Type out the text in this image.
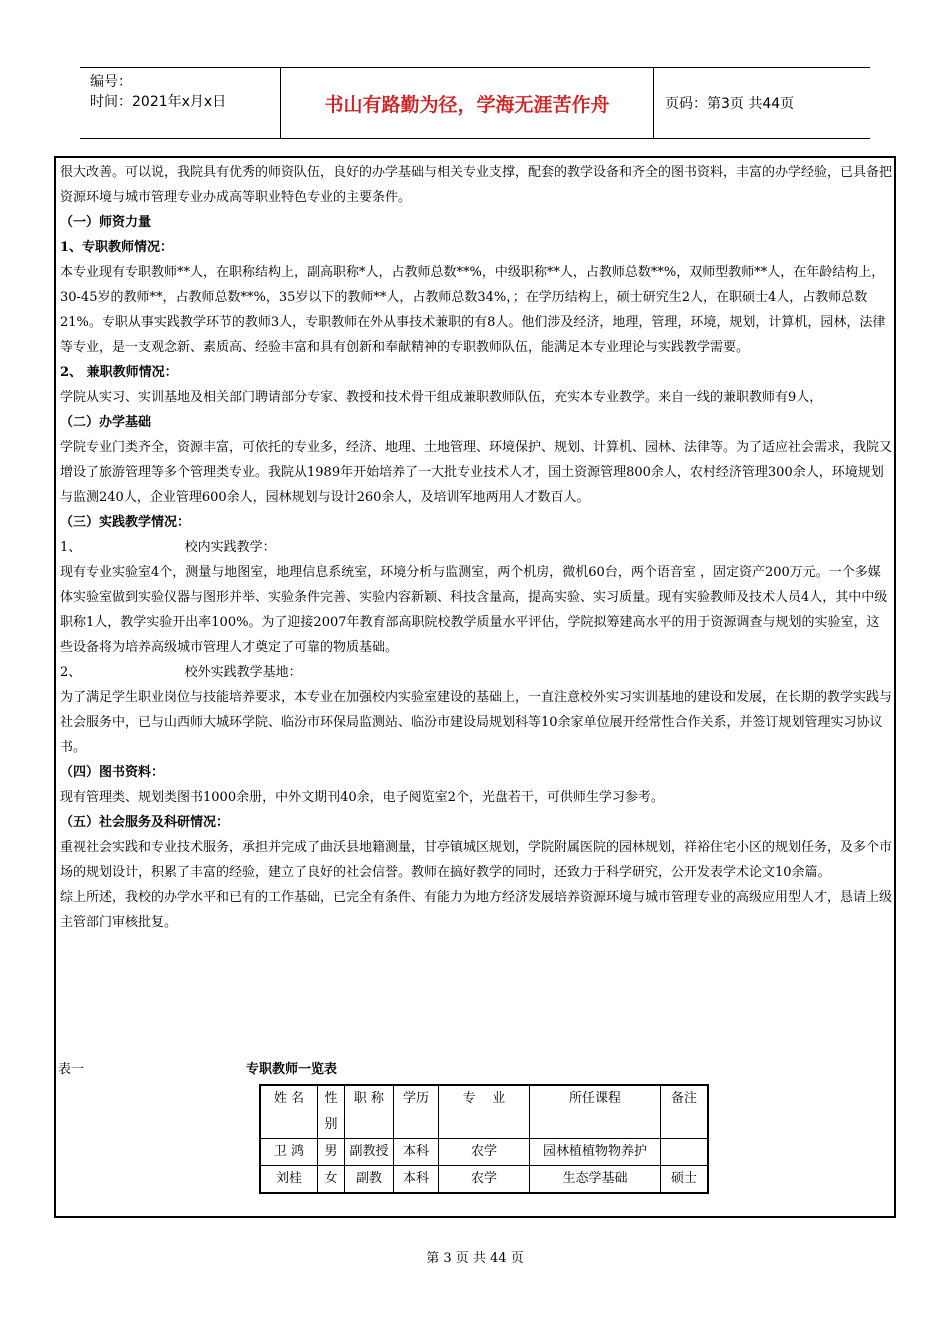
编号：
时间：2021年x月x日	书山有路勤为径，学海无涯苦作舟	页码：第3页 共44页

很大改善。可以说，我院具有优秀的师资队伍，良好的办学基础与相关专业支撑，配套的教学设备和齐全的图书资料，丰富的办学经验，已具备把资源环境与城市管理专业办成高等职业特色专业的主要条件。

（一）师资力量

1、专职教师情况：

本专业现有专职教师**人，在职称结构上，副高职称*人，占教师总数**%，中级职称**人，占教师总数**%，双师型教师**人，在年龄结构上，30-45岁的教师**，占教师总数**%，35岁以下的教师**人，占教师总数34%，；在学历结构上，硕士研究生2人，在职硕士4人，占教师总数21%。专职从事实践教学环节的教师3人，专职教师在外从事技术兼职的有8人。他们涉及经济，地理，管理，环境，规划，计算机，园林，法律等专业，是一支观念新、素质高、经验丰富和具有创新和奉献精神的专职教师队伍，能满足本专业理论与实践教学需要。

2、 兼职教师情况：

学院从实习、实训基地及相关部门聘请部分专家、教授和技术骨干组成兼职教师队伍，充实本专业教学。来自一线的兼职教师有9人，

（二）办学基础

学院专业门类齐全，资源丰富，可依托的专业多，经济、地理、土地管理、环境保护、规划、计算机、园林、法律等。为了适应社会需求，我院又增设了旅游管理等多个管理类专业。我院从1989年开始培养了一大批专业技术人才，国土资源管理800余人，农村经济管理300余人，环境规划与监测240人，企业管理600余人，园林规划与设计260余人，及培训军地两用人才数百人。

（三）实践教学情况：

1、                         校内实践教学：

现有专业实验室4个，测量与地图室，地理信息系统室，环境分析与监测室，两个机房，微机60台，两个语音室 ，固定资产200万元。一个多媒体实验室做到实验仪器与图形并举、实验条件完善、实验内容新颖、科技含量高，提高实验、实习质量。现有实验教师及技术人员4人，其中中级职称1人，教学实验开出率100%。为了迎接2007年教育部高职院校教学质量水平评估，学院拟筹建高水平的用于资源调查与规划的实验室，这些设备将为培养高级城市管理人才奠定了可靠的物质基础。

2、                         校外实践教学基地：

为了满足学生职业岗位与技能培养要求，本专业在加强校内实验室建设的基础上，一直注意校外实习实训基地的建设和发展，在长期的教学实践与社会服务中，已与山西师大城环学院、临汾市环保局监测站、临汾市建设局规划科等10余家单位展开经常性合作关系，并签订规划管理实习协议书。

（四）图书资料：

现有管理类、规划类图书1000余册，中外文期刊40余，电子阅览室2个，光盘若干，可供师生学习参考。

（五）社会服务及科研情况：

重视社会实践和专业技术服务，承担并完成了曲沃县地籍测量，甘亭镇城区规划，学院附属医院的园林规划，祥裕住宅小区的规划任务，及多个市场的规划设计，积累了丰富的经验，建立了良好的社会信誉。教师在搞好教学的同时，还致力于科学研究，公开发表学术论文10余篇。

综上所述，我校的办学水平和已有的工作基础，已完全有条件、有能力为地方经济发展培养资源环境与城市管理专业的高级应用型人才，恳请上级主管部门审核批复。

表一	专职教师一览表
姓 名	性别	职 称	学历	专    业	所任课程	备注
卫 鸿	男	副教授	本科	农学	园林植植物物养护	
刘桂	女	副教	本科	农学	生态学基础	硕士
第 3 页 共 44 页
